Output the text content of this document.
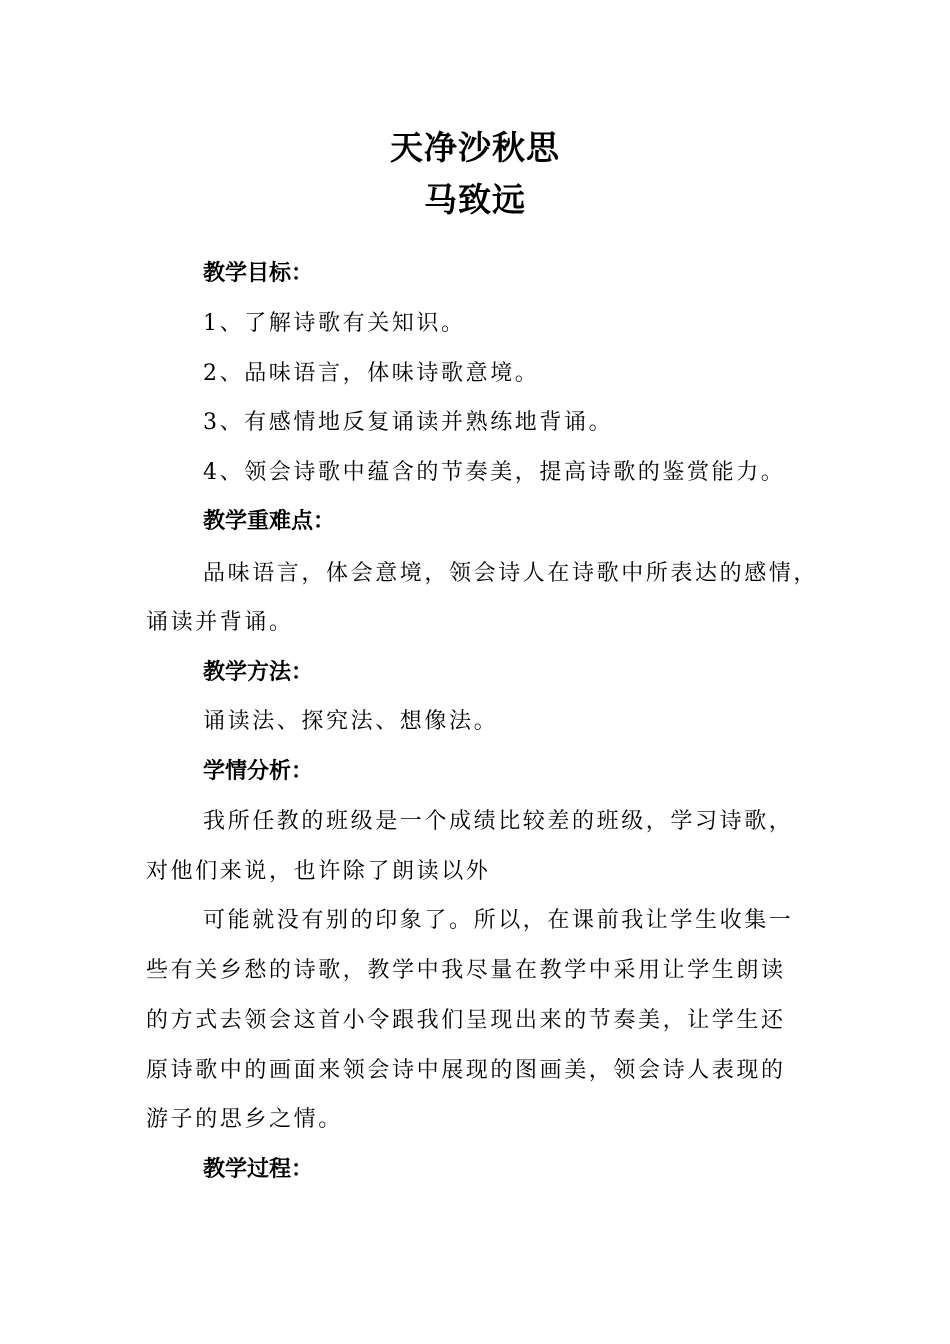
天净沙秋思
马致远
教学目标：
1、了解诗歌有关知识。
2、品味语言，体味诗歌意境。
3、有感情地反复诵读并熟练地背诵。
4、领会诗歌中蕴含的节奏美，提高诗歌的鉴赏能力。
教学重难点：
品味语言，体会意境，领会诗人在诗歌中所表达的感情，
诵读并背诵。
教学方法：
诵读法、探究法、想像法。
学情分析：
我所任教的班级是一个成绩比较差的班级，学习诗歌，
对他们来说，也许除了朗读以外
可能就没有别的印象了。所以，在课前我让学生收集一
些有关乡愁的诗歌，教学中我尽量在教学中采用让学生朗读
的方式去领会这首小令跟我们呈现出来的节奏美，让学生还
原诗歌中的画面来领会诗中展现的图画美，领会诗人表现的
游子的思乡之情。
教学过程：
